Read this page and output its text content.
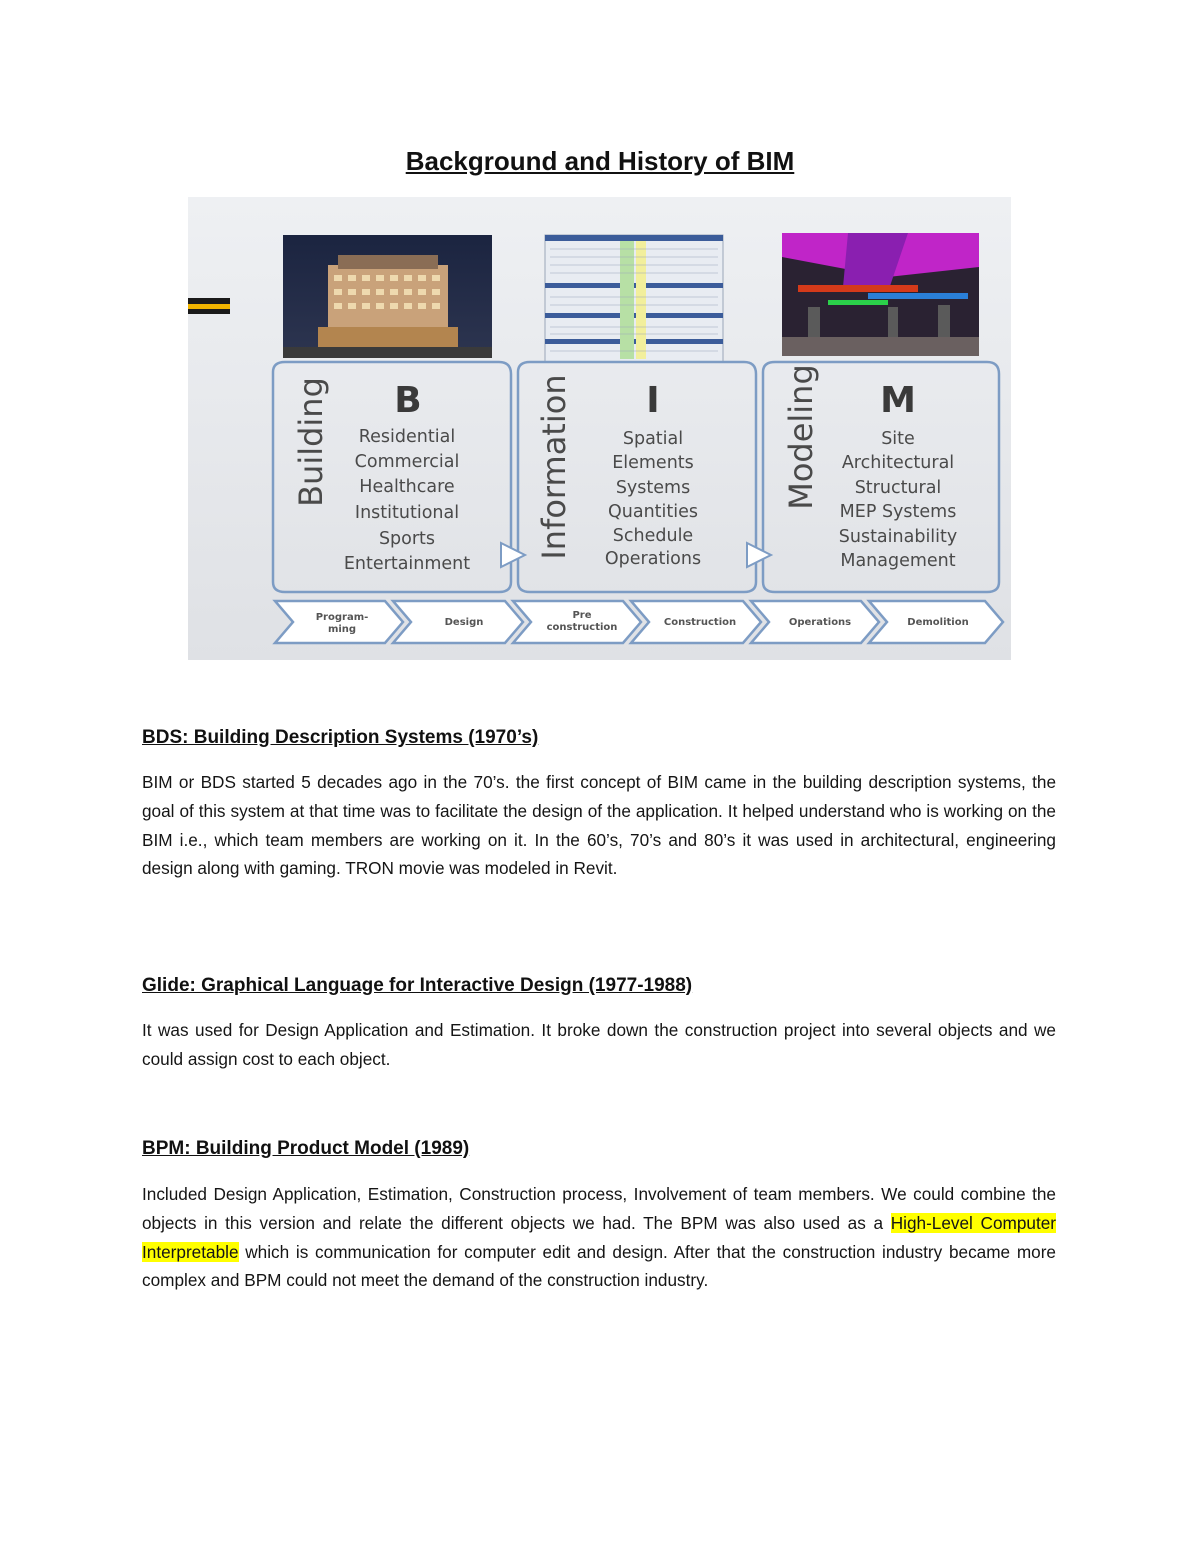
Background and History of BIM
Building	Information	Modeling
B	I	M
Residential
Commercial
Healthcare
Institutional
Sports
Entertainment
Spatial
Elements
Systems
Quantities
Schedule
Operations
Site
Architectural
Structural
MEP Systems
Sustainability
Management
Program-
ming
Design
Pre
construction	Construction	Operations	Demolition
BDS: Building Description Systems (1970’s)
BIM or BDS started 5 decades ago in the 70’s. the first concept of BIM came in the building description systems, the goal of this system at that time was to facilitate the design of the application. It helped understand who is working on the BIM i.e., which team members are working on it. In the 60’s, 70’s and 80’s it was used in architectural, engineering design along with gaming. TRON movie was modeled in Revit.
Glide: Graphical Language for Interactive Design (1977-1988)
It was used for Design Application and Estimation. It broke down the construction project into several objects and we could assign cost to each object.
BPM: Building Product Model (1989)
Included Design Application, Estimation, Construction process, Involvement of team members. We could combine the objects in this version and relate the different objects we had. The BPM was also used as a High-Level Computer Interpretable which is communication for computer edit and design. After that the construction industry became more complex and BPM could not meet the demand of the construction industry.
